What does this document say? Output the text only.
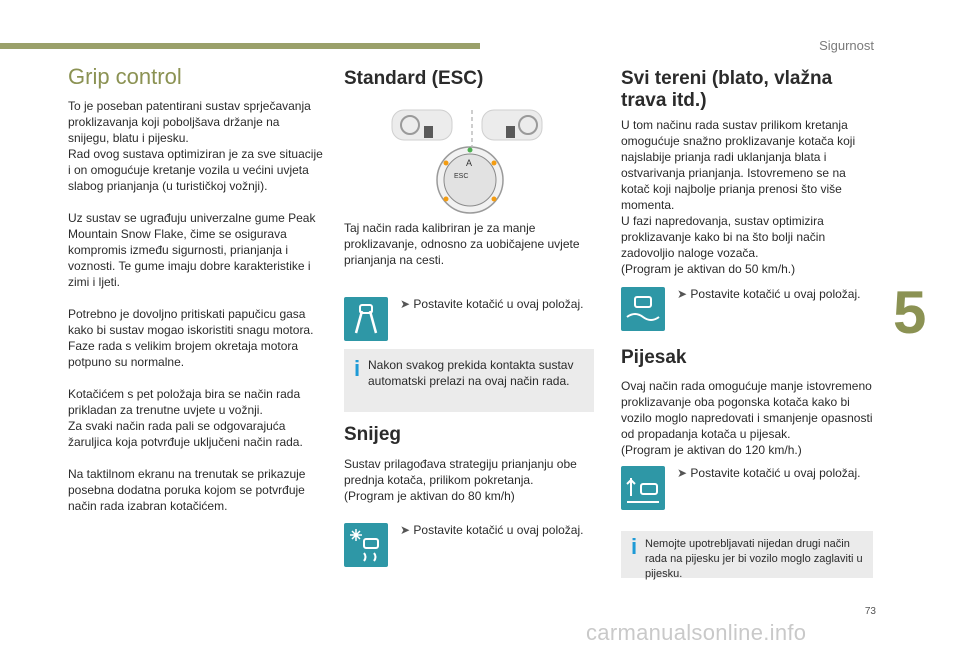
Sigurnost
5
Grip control

To je poseban patentirani sustav sprječavanja proklizavanja koji poboljšava držanje na snijegu, blatu i pijesku.
Rad ovog sustava optimiziran je za sve situacije i on omogućuje kretanje vozila u većini uvjeta slabog prianjanja (u turističkoj vožnji).

Uz sustav se ugrađuju univerzalne gume Peak Mountain Snow Flake, čime se osigurava kompromis između sigurnosti, prianjanja i voznosti. Te gume imaju dobre karakteristike i zimi i ljeti.

Potrebno je dovoljno pritiskati papučicu gasa kako bi sustav mogao iskoristiti snagu motora. Faze rada s velikim brojem okretaja motora potpuno su normalne.

Kotačićem s pet položaja bira se način rada prikladan za trenutne uvjete u vožnji.
Za svaki način rada pali se odgovarajuća žaruljica koja potvrđuje uključeni način rada.

Na taktilnom ekranu na trenutak se prikazuje posebna dodatna poruka kojom se potvrđuje način rada izabran kotačićem.

Standard (ESC)
A
ESC
Taj način rada kalibriran je za manje proklizavanje, odnosno za uobičajene uvjete prianjanja na cesti.
➤ Postavite kotačić u ovaj položaj.
i Nakon svakog prekida kontakta sustav automatski prelazi na ovaj način rada.
Snijeg
Sustav prilagođava strategiju prianjanju obe prednja kotača, prilikom pokretanja.
(Program je aktivan do 80 km/h)
➤ Postavite kotačić u ovaj položaj.
Svi tereni (blato, vlažna trava itd.)
U tom načinu rada sustav prilikom kretanja omogućuje snažno proklizavanje kotača koji najslabije prianja radi uklanjanja blata i ostvarivanja prianjanja. Istovremeno se na kotač koji najbolje prianja prenosi što više momenta.
U fazi napredovanja, sustav optimizira proklizavanje kako bi na što bolji način zadovoljio naloge vozača.
(Program je aktivan do 50 km/h.)
➤ Postavite kotačić u ovaj položaj.
Pijesak
Ovaj način rada omogućuje manje istovremeno proklizavanje oba pogonska kotača kako bi vozilo moglo napredovati i smanjenje opasnosti od propadanja kotača u pijesak.
(Program je aktivan do 120 km/h.)
➤ Postavite kotačić u ovaj položaj.
i Nemojte upotrebljavati nijedan drugi način rada na pijesku jer bi vozilo moglo zaglaviti u pijesku.
73
carmanualsonline.info
